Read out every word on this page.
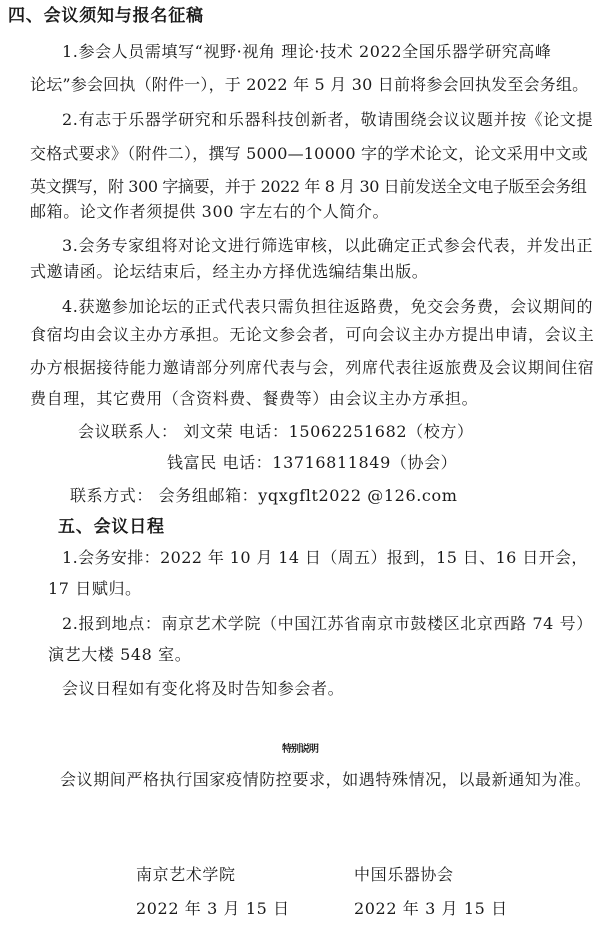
四、会议须知与报名征稿
1.参会人员需填写“视野·视角 理论·技术 2022全国乐器学研究高峰
论坛”参会回执（附件一），于 2022 年 5 月 30 日前将参会回执发至会务组。
2.有志于乐器学研究和乐器科技创新者，敬请围绕会议议题并按《论文提
交格式要求》（附件二），撰写 5000—10000 字的学术论文，论文采用中文或
英文撰写，附 300 字摘要，并于 2022 年 8 月 30 日前发送全文电子版至会务组
邮箱。论文作者须提供 300 字左右的个人简介。
3.会务专家组将对论文进行筛选审核，以此确定正式参会代表，并发出正
式邀请函。论坛结束后，经主办方择优选编结集出版。
4.获邀参加论坛的正式代表只需负担往返路费，免交会务费，会议期间的
食宿均由会议主办方承担。无论文参会者，可向会议主办方提出申请，会议主
办方根据接待能力邀请部分列席代表与会，列席代表往返旅费及会议期间住宿
费自理，其它费用（含资料费、餐费等）由会议主办方承担。
会议联系人： 刘文荣 电话：15062251682（校方）
钱富民 电话：13716811849（协会）
联系方式： 会务组邮箱：yqxgflt2022 @126.com
五、会议日程
1.会务安排：2022 年 10 月 14 日（周五）报到，15 日、16 日开会，
17 日赋归。
2.报到地点：南京艺术学院（中国江苏省南京市鼓楼区北京西路 74 号）
演艺大楼 548 室。
会议日程如有变化将及时告知参会者。
特别说明
会议期间严格执行国家疫情防控要求，如遇特殊情况，以最新通知为准。
南京艺术学院	中国乐器协会
2022 年 3 月 15 日	2022 年 3 月 15 日
